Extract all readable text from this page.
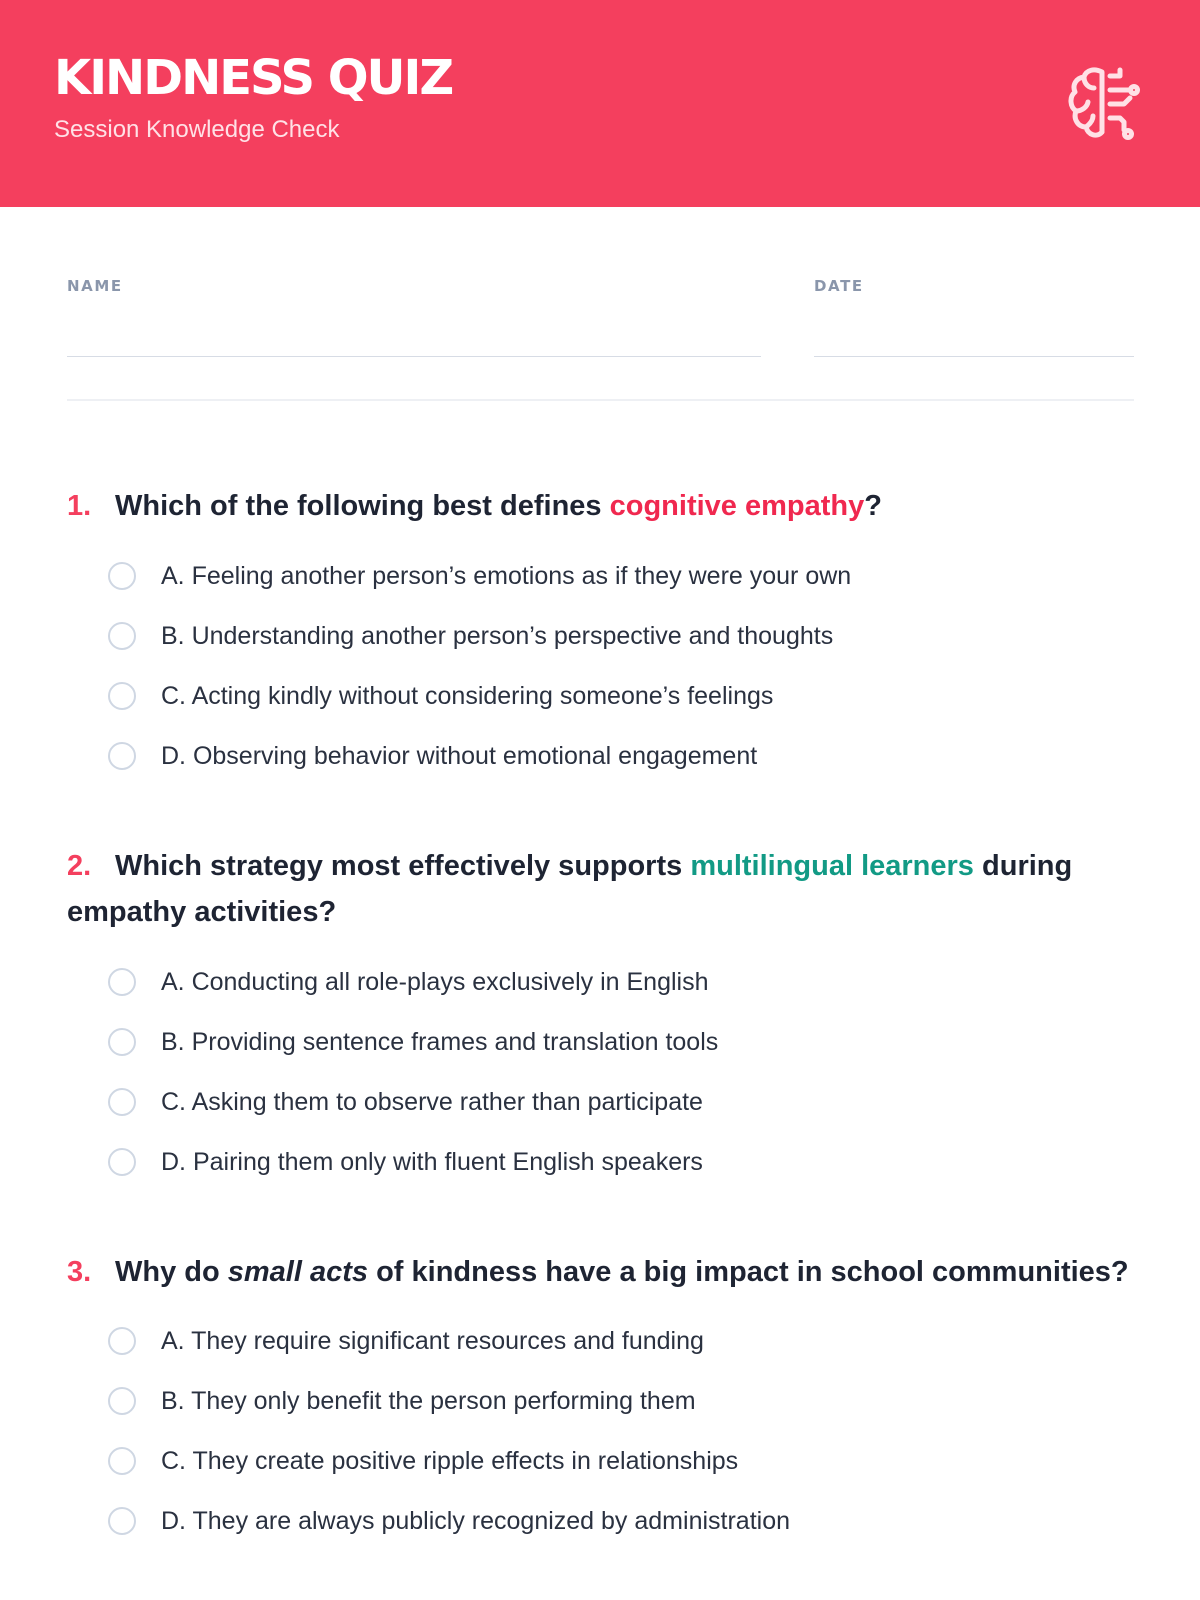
KINDNESS QUIZ
Session Knowledge Check
NAME	DATE
1. Which of the following best defines cognitive empathy?
A. Feeling another person’s emotions as if they were your own
B. Understanding another person’s perspective and thoughts
C. Acting kindly without considering someone’s feelings
D. Observing behavior without emotional engagement
2. Which strategy most effectively supports multilingual learners during empathy activities?
A. Conducting all role-plays exclusively in English
B. Providing sentence frames and translation tools
C. Asking them to observe rather than participate
D. Pairing them only with fluent English speakers
3. Why do small acts of kindness have a big impact in school communities?
A. They require significant resources and funding
B. They only benefit the person performing them
C. They create positive ripple effects in relationships
D. They are always publicly recognized by administration
